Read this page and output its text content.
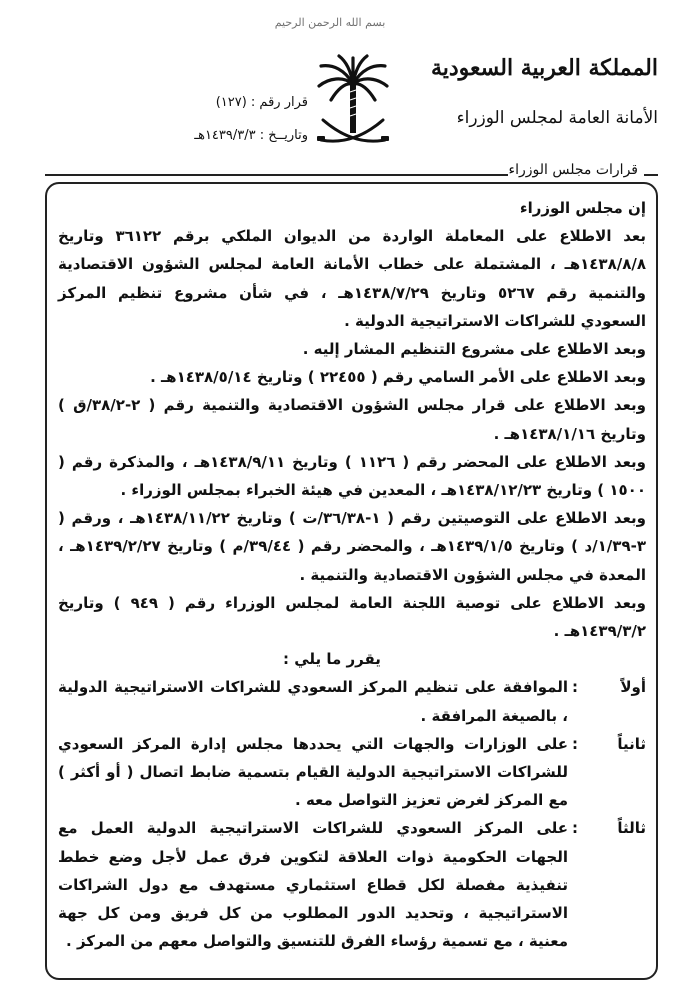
بسم الله الرحمن الرحيم
المملكة العربية السعودية
الأمانة العامة لمجلس الوزراء
قرار رقم : (١٢٧)
وتاريــخ : ١٤٣٩/٣/٣هـ
قرارات مجلس الوزراء

إن مجلس الوزراء

بعد الاطلاع على المعاملة الواردة من الديوان الملكي برقم ٣٦١٢٢ وتاريخ ١٤٣٨/٨/٨هـ ، المشتملة على خطاب الأمانة العامة لمجلس الشؤون الاقتصادية والتنمية رقم ٥٢٦٧ وتاريخ ١٤٣٨/٧/٢٩هـ ، في شأن مشروع تنظيم المركز السعودي للشراكات الاستراتيجية الدولية .

وبعد الاطلاع على مشروع التنظيم المشار إليه .

وبعد الاطلاع على الأمر السامي رقم ( ٢٢٤٥٥ ) وتاريخ ١٤٣٨/٥/١٤هـ .

وبعد الاطلاع على قرار مجلس الشؤون الاقتصادية والتنمية رقم ( ٢-٣٨/٢/ق ) وتاريخ ١٤٣٨/١/١٦هـ .

وبعد الاطلاع على المحضر رقم ( ١١٢٦ ) وتاريخ ١٤٣٨/٩/١١هـ ، والمذكرة رقم ( ١٥٠٠ ) وتاريخ ١٤٣٨/١٢/٢٣هـ ، المعدين في هيئة الخبراء بمجلس الوزراء .

وبعد الاطلاع على التوصيتين رقم ( ١-٣٦/٣٨/ت ) وتاريخ ١٤٣٨/١١/٢٢هـ ، ورقم ( ٣-١/٣٩/د ) وتاريخ ١٤٣٩/١/٥هـ ، والمحضر رقم ( ٣٩/٤٤/م ) وتاريخ ١٤٣٩/٢/٢٧هـ ، المعدة في مجلس الشؤون الاقتصادية والتنمية .

وبعد الاطلاع على توصية اللجنة العامة لمجلس الوزراء رقم ( ٩٤٩ ) وتاريخ ١٤٣٩/٣/٢هـ .

يقرر ما يلي :

أولاً
:
الموافقة على تنظيم المركز السعودي للشراكات الاستراتيجية الدولية ، بالصيغة المرافقة .
ثانياً
:
على الوزارات والجهات التي يحددها مجلس إدارة المركز السعودي للشراكات الاستراتيجية الدولية القيام بتسمية ضابط اتصال ( أو أكثر ) مع المركز لغرض تعزيز التواصل معه .
ثالثاً
:
على المركز السعودي للشراكات الاستراتيجية الدولية العمل مع الجهات الحكومية ذوات العلاقة لتكوين فرق عمل لأجل وضع خطط تنفيذية مفصلة لكل قطاع استثماري مستهدف مع دول الشراكات الاستراتيجية ، وتحديد الدور المطلوب من كل فريق ومن كل جهة معنية ، مع تسمية رؤساء الفرق للتنسيق والتواصل معهم من المركز .
